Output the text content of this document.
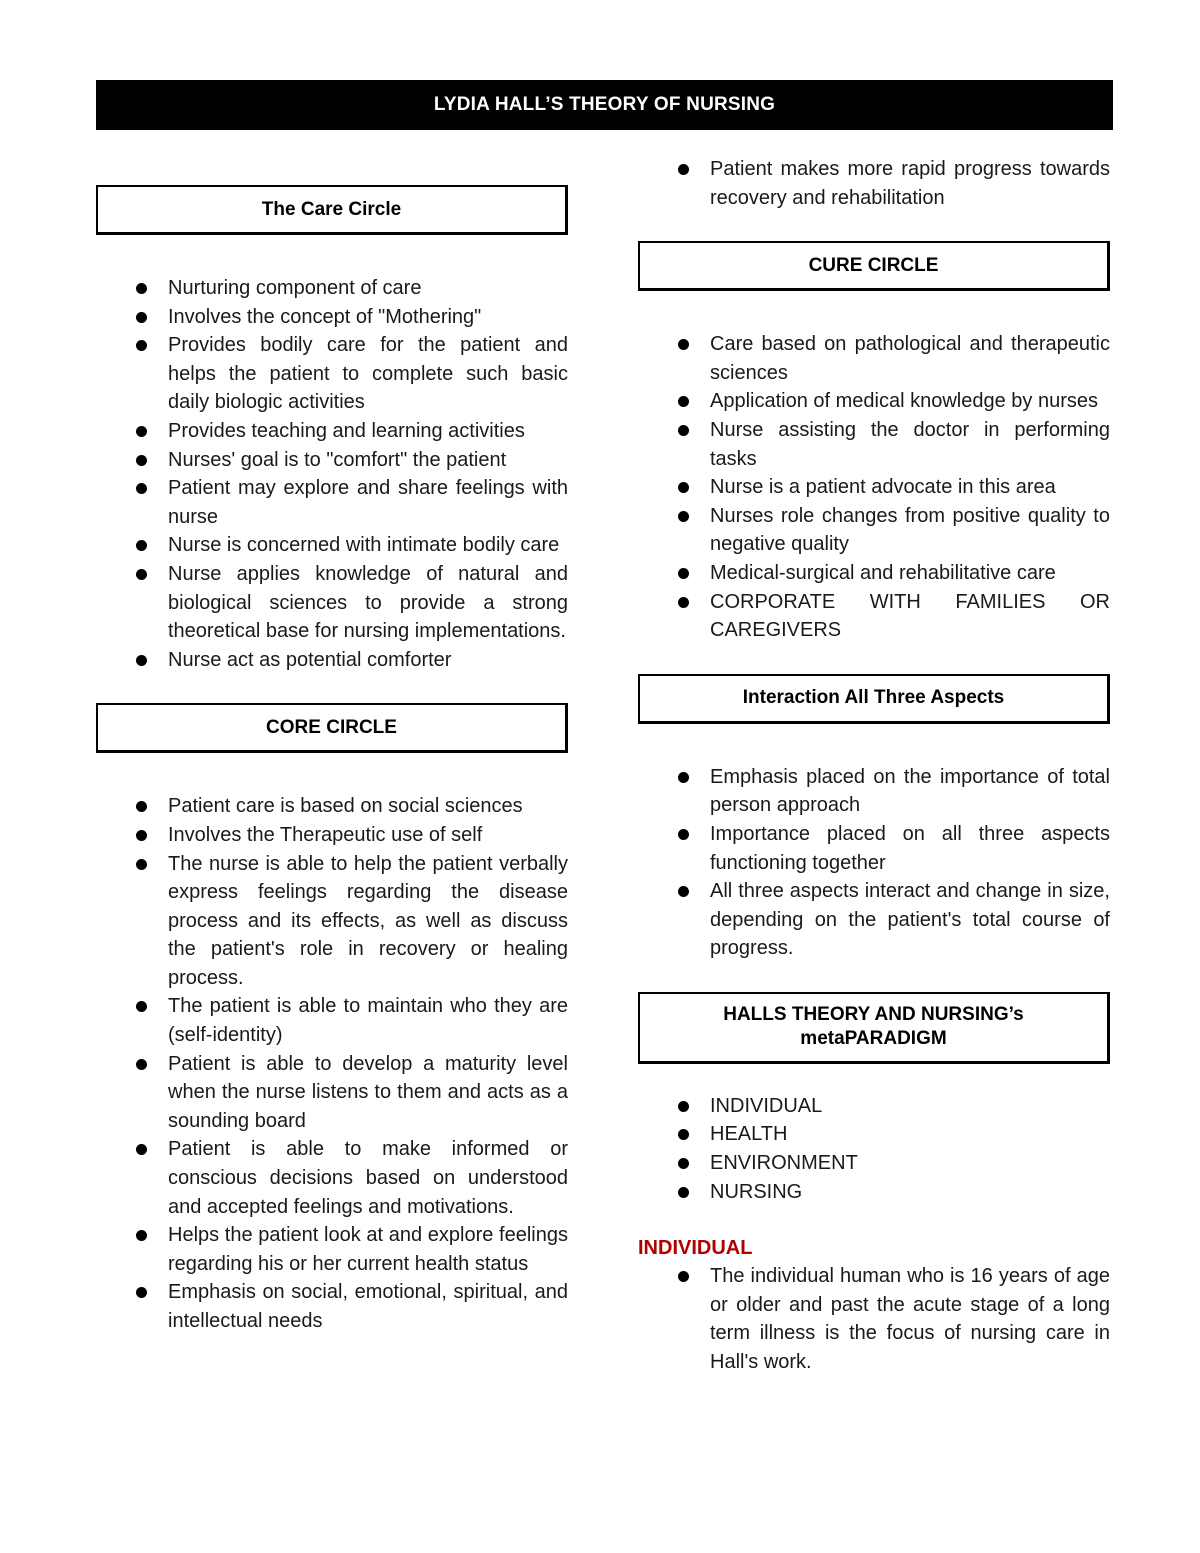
LYDIA HALL’S THEORY OF NURSING
The Care Circle
Nurturing component of care
Involves the concept of "Mothering"
Provides bodily care for the patient and helps the patient to complete such basic daily biologic activities
Provides teaching and learning activities
Nurses' goal is to "comfort" the patient
Patient may explore and share feelings with nurse
Nurse is concerned with intimate bodily care
Nurse applies knowledge of natural and biological sciences to provide a strong theoretical base for nursing implementations.
Nurse act as potential comforter
CORE CIRCLE
Patient care is based on social sciences
Involves the Therapeutic use of self
The nurse is able to help the patient verbally express feelings regarding the disease process and its effects, as well as discuss the patient's role in recovery or healing process.
The patient is able to maintain who they are (self-identity)
Patient is able to develop a maturity level when the nurse listens to them and acts as a sounding board
Patient is able to make informed or conscious decisions based on understood and accepted feelings and motivations.
Helps the patient look at and explore feelings regarding his or her current health status
Emphasis on social, emotional, spiritual, and intellectual needs
Patient makes more rapid progress towards recovery and rehabilitation
CURE CIRCLE
Care based on pathological and therapeutic sciences
Application of medical knowledge by nurses
Nurse assisting the doctor in performing tasks
Nurse is a patient advocate in this area
Nurses role changes from positive quality to negative quality
Medical-surgical and rehabilitative care
CORPORATE WITH FAMILIES OR CAREGIVERS
Interaction All Three Aspects
Emphasis placed on the importance of total person approach
Importance placed on all three aspects functioning together
All three aspects interact and change in size, depending on the patient's total course of progress.
HALLS THEORY AND NURSING’s
metaPARADIGM
INDIVIDUAL
HEALTH
ENVIRONMENT
NURSING
INDIVIDUAL
The individual human who is 16 years of age or older and past the acute stage of a long term illness is the focus of nursing care in Hall's work.
